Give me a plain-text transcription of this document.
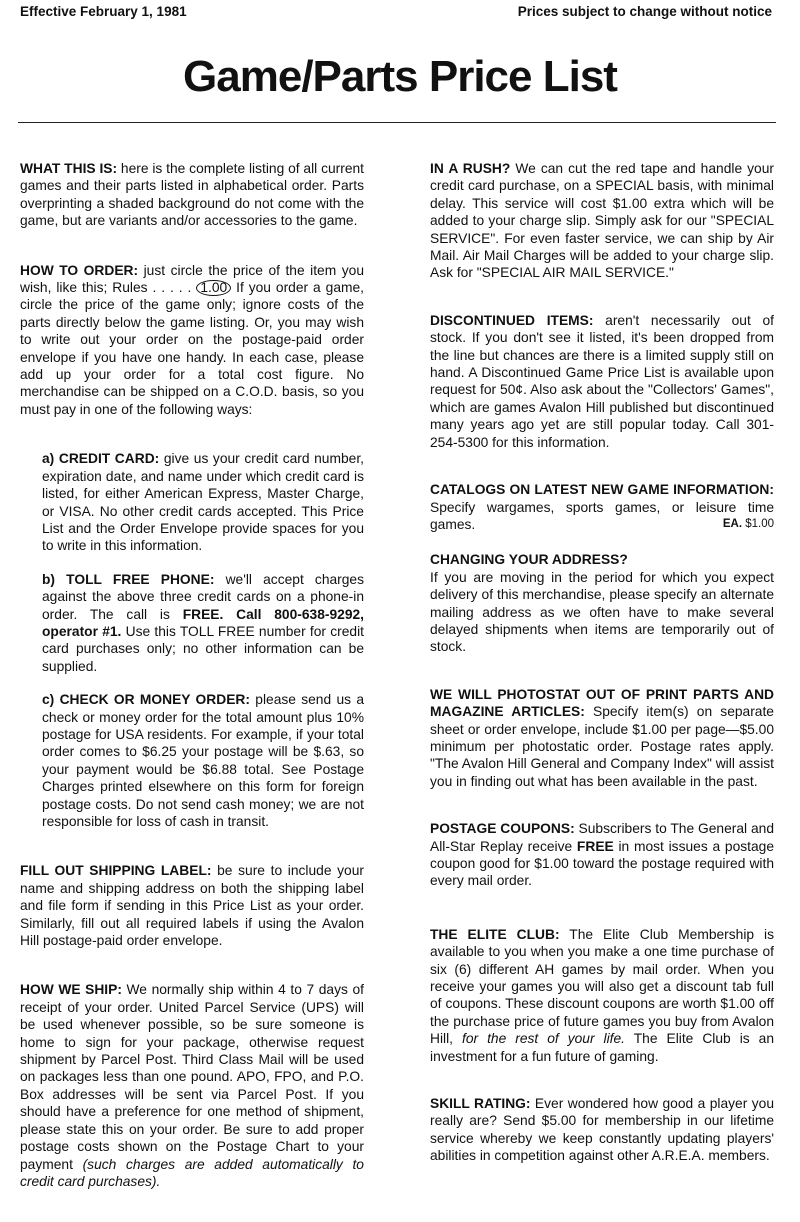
Effective February 1, 1981	Prices subject to change without notice
Game/Parts Price List

WHAT THIS IS: here is the complete listing of all current games and their parts listed in alphabetical order. Parts overprinting a shaded background do not come with the game, but are variants and/or accessories to the game.

HOW TO ORDER: just circle the price of the item you wish, like this; Rules . . . . . 1.00 If you order a game, circle the price of the game only; ignore costs of the parts directly below the game listing. Or, you may wish to write out your order on the postage-paid order envelope if you have one handy. In each case, please add up your order for a total cost figure. No merchandise can be shipped on a C.O.D. basis, so you must pay in one of the following ways:

a) CREDIT CARD: give us your credit card number, expiration date, and name under which credit card is listed, for either American Express, Master Charge, or VISA. No other credit cards accepted. This Price List and the Order Envelope provide spaces for you to write in this information.

b) TOLL FREE PHONE: we'll accept charges against the above three credit cards on a phone-in order. The call is FREE. Call 800-638-9292, operator #1. Use this TOLL FREE number for credit card purchases only; no other information can be supplied.

c) CHECK OR MONEY ORDER: please send us a check or money order for the total amount plus 10% postage for USA residents. For example, if your total order comes to $6.25 your postage will be $.63, so your payment would be $6.88 total. See Postage Charges printed elsewhere on this form for foreign postage costs. Do not send cash money; we are not responsible for loss of cash in transit.

FILL OUT SHIPPING LABEL: be sure to include your name and shipping address on both the shipping label and file form if sending in this Price List as your order. Similarly, fill out all required labels if using the Avalon Hill postage-paid order envelope.

HOW WE SHIP: We normally ship within 4 to 7 days of receipt of your order. United Parcel Service (UPS) will be used whenever possible, so be sure someone is home to sign for your package, otherwise request shipment by Parcel Post. Third Class Mail will be used on packages less than one pound. APO, FPO, and P.O. Box addresses will be sent via Parcel Post. If you should have a preference for one method of shipment, please state this on your order. Be sure to add proper postage costs shown on the Postage Chart to your payment (such charges are added automatically to credit card purchases).

IN A RUSH? We can cut the red tape and handle your credit card purchase, on a SPECIAL basis, with minimal delay. This service will cost $1.00 extra which will be added to your charge slip. Simply ask for our "SPECIAL SERVICE". For even faster service, we can ship by Air Mail. Air Mail Charges will be added to your charge slip. Ask for "SPECIAL AIR MAIL SERVICE."

DISCONTINUED ITEMS: aren't necessarily out of stock. If you don't see it listed, it's been dropped from the line but chances are there is a limited supply still on hand. A Discontinued Game Price List is available upon request for 50¢. Also ask about the "Collectors' Games", which are games Avalon Hill published but discontinued many years ago yet are still popular today. Call 301-254-5300 for this information.

CATALOGS ON LATEST NEW GAME INFORMATION: Specify wargames, sports games, or leisure time games.	EA. $1.00
CHANGING YOUR ADDRESS?
If you are moving in the period for which you expect delivery of this merchandise, please specify an alternate mailing address as we often have to make several delayed shipments when items are temporarily out of stock.

WE WILL PHOTOSTAT OUT OF PRINT PARTS AND MAGAZINE ARTICLES: Specify item(s) on separate sheet or order envelope, include $1.00 per page—$5.00 minimum per photostatic order. Postage rates apply. "The Avalon Hill General and Company Index" will assist you in finding out what has been available in the past.

POSTAGE COUPONS: Subscribers to The General and All-Star Replay receive FREE in most issues a postage coupon good for $1.00 toward the postage required with every mail order.

THE ELITE CLUB: The Elite Club Membership is available to you when you make a one time purchase of six (6) different AH games by mail order. When you receive your games you will also get a discount tab full of coupons. These discount coupons are worth $1.00 off the purchase price of future games you buy from Avalon Hill, for the rest of your life. The Elite Club is an investment for a fun future of gaming.

SKILL RATING: Ever wondered how good a player you really are? Send $5.00 for membership in our lifetime service whereby we keep constantly updating players' abilities in competition against other A.R.E.A. members.
